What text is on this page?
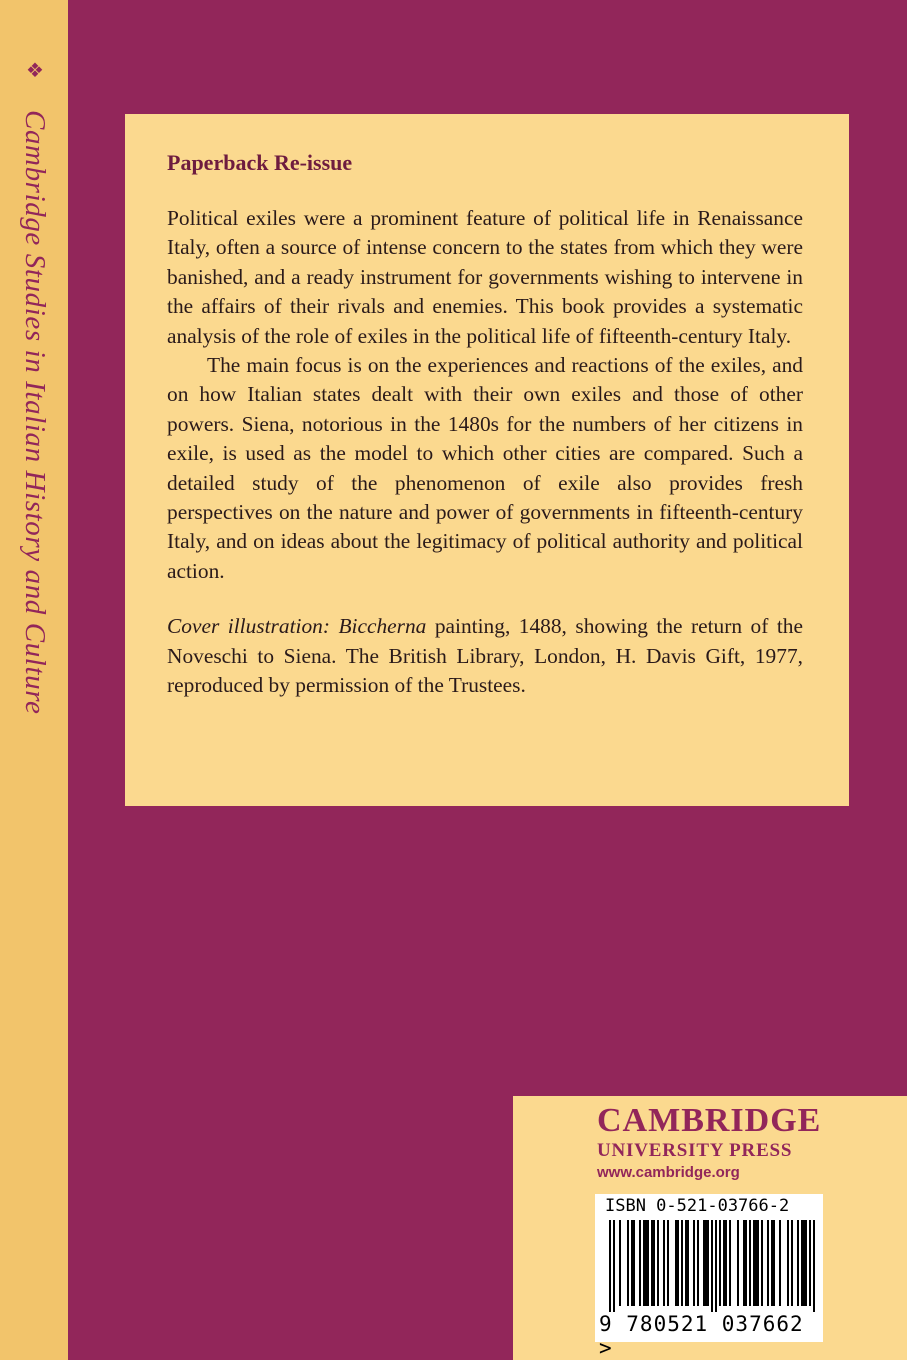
❖
Cambridge Studies in Italian History and Culture	Paperback Re-issue

Political exiles were a prominent feature of political life in Renaissance Italy, often a source of intense concern to the states from which they were banished, and a ready instrument for governments wishing to intervene in the affairs of their rivals and enemies. This book provides a systematic analysis of the role of exiles in the political life of fifteenth-century Italy.

The main focus is on the experiences and reactions of the exiles, and on how Italian states dealt with their own exiles and those of other powers. Siena, notorious in the 1480s for the numbers of her citizens in exile, is used as the model to which other cities are compared. Such a detailed study of the phenomenon of exile also provides fresh perspectives on the nature and power of governments in fifteenth-century Italy, and on ideas about the legitimacy of political authority and political action.

Cover illustration: Biccherna painting, 1488, showing the return of the Noveschi to Siena. The British Library, London, H. Davis Gift, 1977, reproduced by permission of the Trustees.

CAMBRIDGE
UNIVERSITY PRESS
www.cambridge.org
ISBN 0-521-03766-2
9 780521 037662 >
